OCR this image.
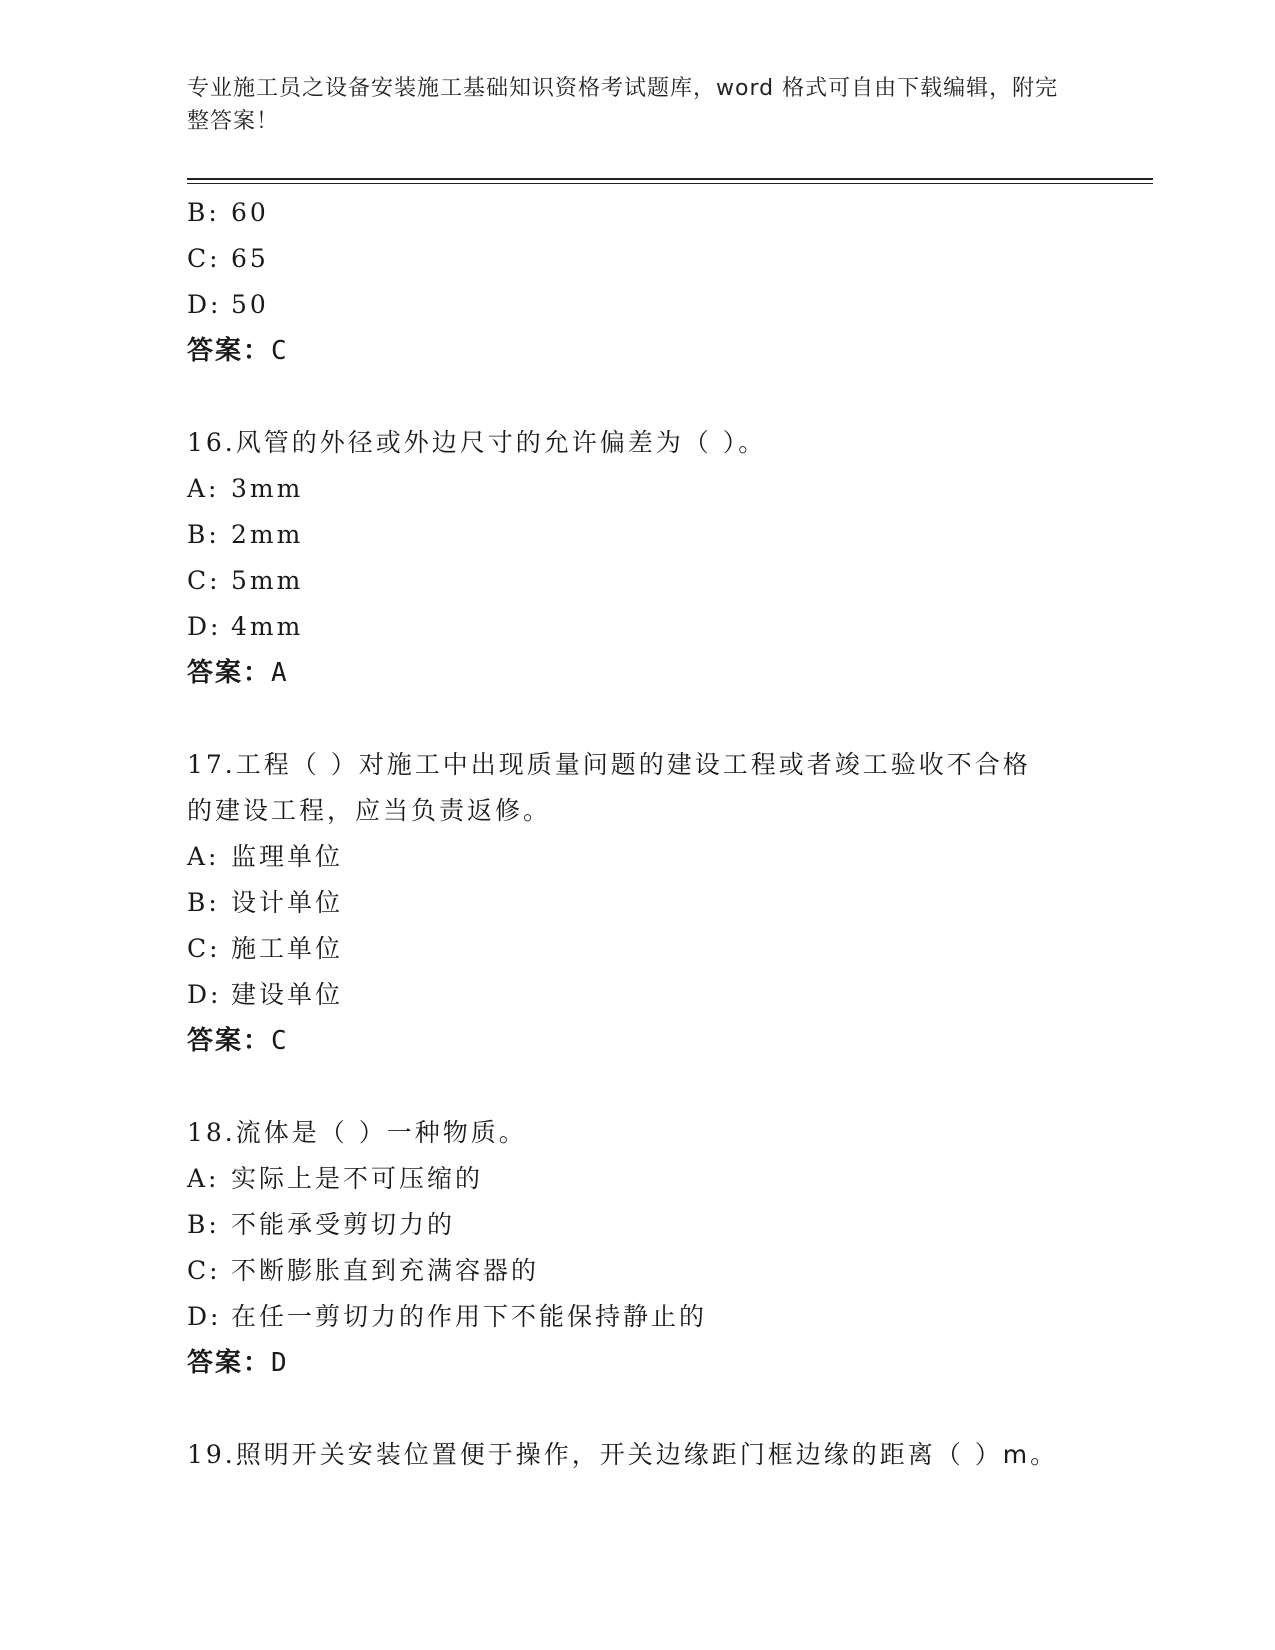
专业施工员之设备安装施工基础知识资格考试题库，word 格式可自由下载编辑，附完整答案！
B: 60
C: 65
D: 50
答案：C
16.风管的外径或外边尺寸的允许偏差为（ ）。
A: 3mm
B: 2mm
C: 5mm
D: 4mm
答案：A
17.工程（ ）对施工中出现质量问题的建设工程或者竣工验收不合格
的建设工程，应当负责返修。
A: 监理单位
B: 设计单位
C: 施工单位
D: 建设单位
答案：C
18.流体是（ ）一种物质。
A: 实际上是不可压缩的
B: 不能承受剪切力的
C: 不断膨胀直到充满容器的
D: 在任一剪切力的作用下不能保持静止的
答案：D
19.照明开关安装位置便于操作，开关边缘距门框边缘的距离（ ）m。
